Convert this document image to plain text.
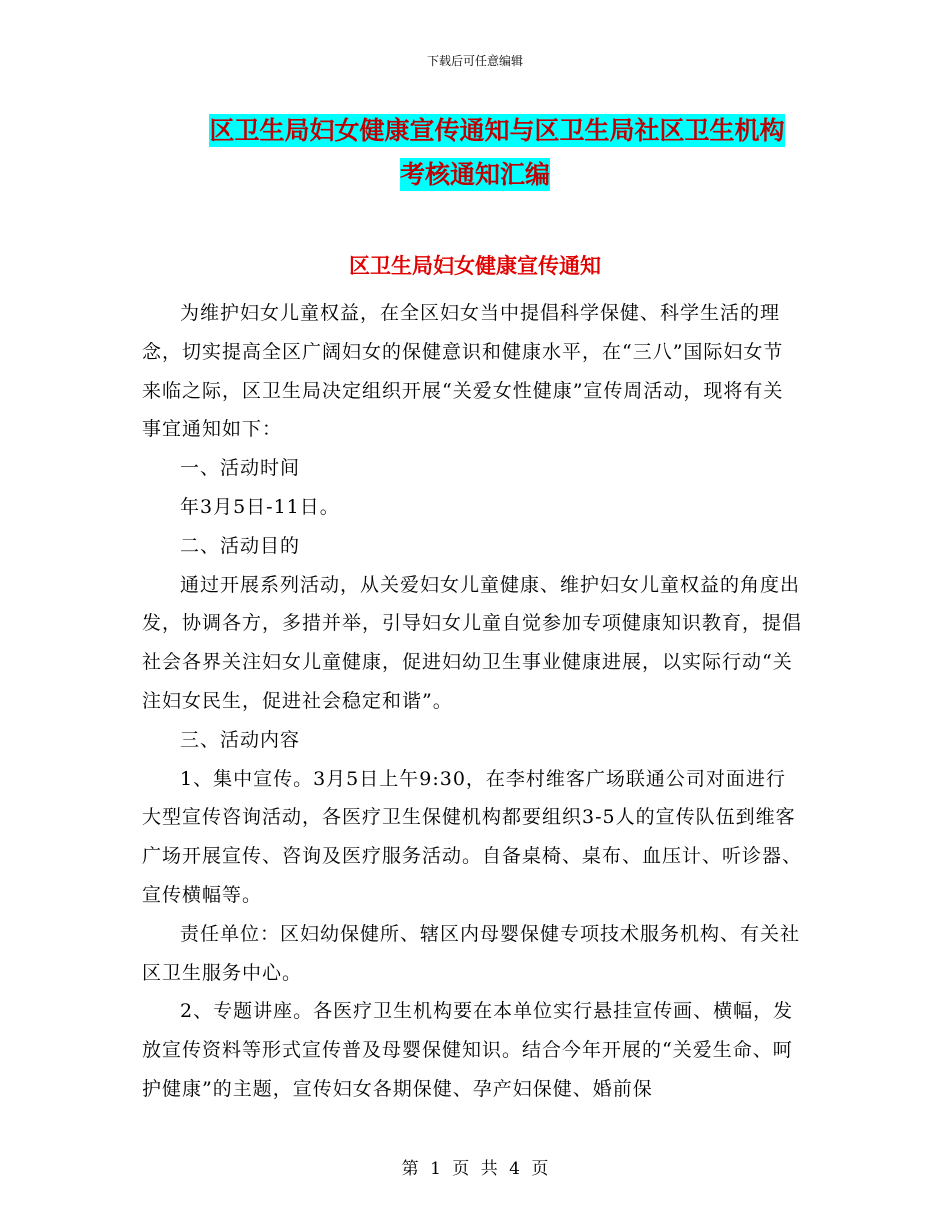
下载后可任意编辑
区卫生局妇女健康宣传通知与区卫生局社区卫生机构
考核通知汇编
区卫生局妇女健康宣传通知

为维护妇女儿童权益，在全区妇女当中提倡科学保健、科学生活的理念，切实提高全区广阔妇女的保健意识和健康水平，在“三八”国际妇女节来临之际，区卫生局决定组织开展“关爱女性健康”宣传周活动，现将有关事宜通知如下：

一、活动时间

年3月5日-11日。

二、活动目的

通过开展系列活动，从关爱妇女儿童健康、维护妇女儿童权益的角度出发，协调各方，多措并举，引导妇女儿童自觉参加专项健康知识教育，提倡社会各界关注妇女儿童健康，促进妇幼卫生事业健康进展，以实际行动“关注妇女民生，促进社会稳定和谐”。

三、活动内容

1、集中宣传。3月5日上午9:30，在李村维客广场联通公司对面进行大型宣传咨询活动，各医疗卫生保健机构都要组织3-5人的宣传队伍到维客广场开展宣传、咨询及医疗服务活动。自备桌椅、桌布、血压计、听诊器、宣传横幅等。

责任单位：区妇幼保健所、辖区内母婴保健专项技术服务机构、有关社区卫生服务中心。

2、专题讲座。各医疗卫生机构要在本单位实行悬挂宣传画、横幅，发放宣传资料等形式宣传普及母婴保健知识。结合今年开展的“关爱生命、呵护健康”的主题，宣传妇女各期保健、孕产妇保健、婚前保

第 1 页 共 4 页
